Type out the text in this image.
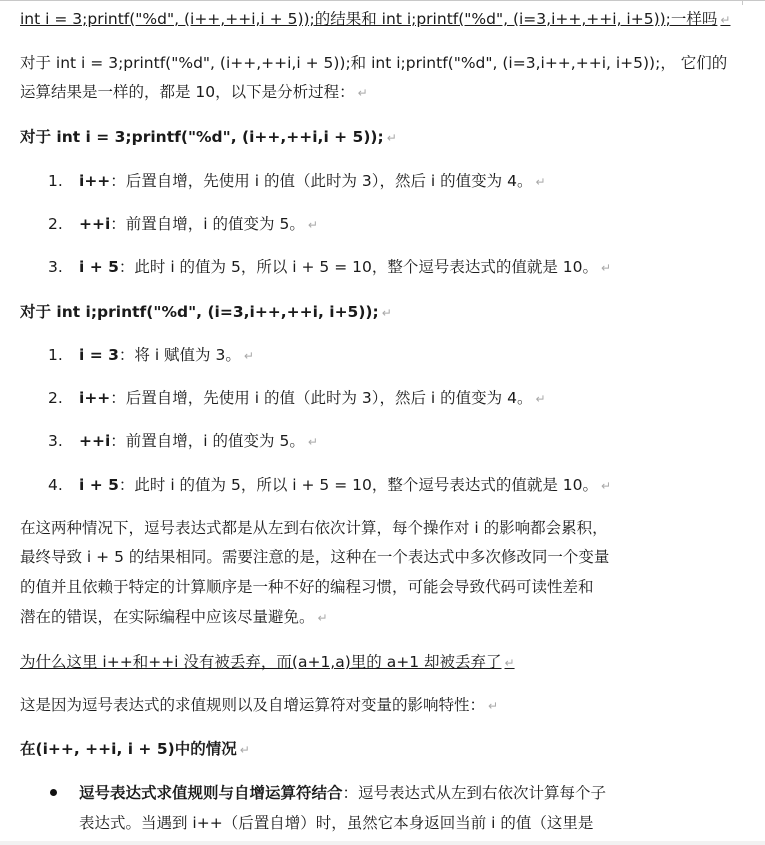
int i = 3;printf("%d", (i++,++i,i + 5));的结果和 int i;printf("%d", (i=3,i++,++i, i+5));一样吗 ↵
对于 int i = 3;printf("%d", (i++,++i,i + 5));和 int i;printf("%d", (i=3,i++,++i, i+5));， 它们的
运算结果是一样的，都是 10，以下是分析过程： ↵
对于 int i = 3;printf("%d", (i++,++i,i + 5)); ↵
1. i++：后置自增，先使用 i 的值（此时为 3），然后 i 的值变为 4。 ↵
2. ++i：前置自增，i 的值变为 5。 ↵
3. i + 5：此时 i 的值为 5，所以 i + 5 = 10，整个逗号表达式的值就是 10。 ↵
对于 int i;printf("%d", (i=3,i++,++i, i+5)); ↵
1. i = 3：将 i 赋值为 3。 ↵
2. i++：后置自增，先使用 i 的值（此时为 3），然后 i 的值变为 4。 ↵
3. ++i：前置自增，i 的值变为 5。 ↵
4. i + 5：此时 i 的值为 5，所以 i + 5 = 10，整个逗号表达式的值就是 10。 ↵
在这两种情况下，逗号表达式都是从左到右依次计算，每个操作对 i 的影响都会累积，
最终导致 i + 5 的结果相同。需要注意的是，这种在一个表达式中多次修改同一个变量
的值并且依赖于特定的计算顺序是一种不好的编程习惯，可能会导致代码可读性差和
潜在的错误，在实际编程中应该尽量避免。 ↵
为什么这里 i++和++i 没有被丢弃，而(a+1,a)里的 a+1 却被丢弃了 ↵
这是因为逗号表达式的求值规则以及自增运算符对变量的影响特性： ↵
在(i++, ++i, i + 5)中的情况 ↵
逗号表达式求值规则与自增运算符结合：逗号表达式从左到右依次计算每个子
表达式。当遇到 i++（后置自增）时，虽然它本身返回当前 i 的值（这里是
